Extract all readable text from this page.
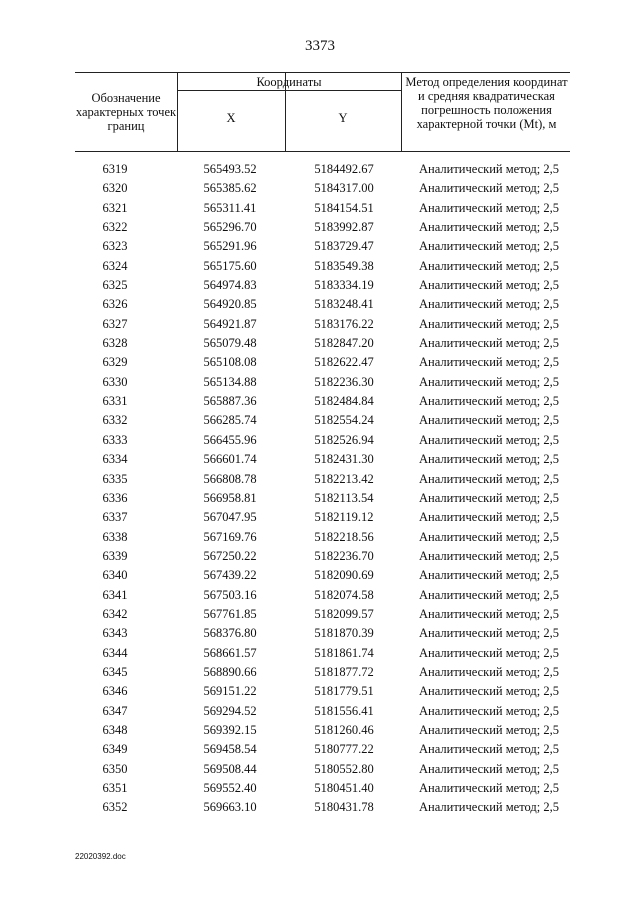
3373
Обозначение характерных точек границ
Координаты
X	Y
Метод определения координат и средняя квадратическая погрешность положения характерной точки (Mt), м
6319	565493.52	5184492.67	Аналитический метод; 2,5
6320	565385.62	5184317.00	Аналитический метод; 2,5
6321	565311.41	5184154.51	Аналитический метод; 2,5
6322	565296.70	5183992.87	Аналитический метод; 2,5
6323	565291.96	5183729.47	Аналитический метод; 2,5
6324	565175.60	5183549.38	Аналитический метод; 2,5
6325	564974.83	5183334.19	Аналитический метод; 2,5
6326	564920.85	5183248.41	Аналитический метод; 2,5
6327	564921.87	5183176.22	Аналитический метод; 2,5
6328	565079.48	5182847.20	Аналитический метод; 2,5
6329	565108.08	5182622.47	Аналитический метод; 2,5
6330	565134.88	5182236.30	Аналитический метод; 2,5
6331	565887.36	5182484.84	Аналитический метод; 2,5
6332	566285.74	5182554.24	Аналитический метод; 2,5
6333	566455.96	5182526.94	Аналитический метод; 2,5
6334	566601.74	5182431.30	Аналитический метод; 2,5
6335	566808.78	5182213.42	Аналитический метод; 2,5
6336	566958.81	5182113.54	Аналитический метод; 2,5
6337	567047.95	5182119.12	Аналитический метод; 2,5
6338	567169.76	5182218.56	Аналитический метод; 2,5
6339	567250.22	5182236.70	Аналитический метод; 2,5
6340	567439.22	5182090.69	Аналитический метод; 2,5
6341	567503.16	5182074.58	Аналитический метод; 2,5
6342	567761.85	5182099.57	Аналитический метод; 2,5
6343	568376.80	5181870.39	Аналитический метод; 2,5
6344	568661.57	5181861.74	Аналитический метод; 2,5
6345	568890.66	5181877.72	Аналитический метод; 2,5
6346	569151.22	5181779.51	Аналитический метод; 2,5
6347	569294.52	5181556.41	Аналитический метод; 2,5
6348	569392.15	5181260.46	Аналитический метод; 2,5
6349	569458.54	5180777.22	Аналитический метод; 2,5
6350	569508.44	5180552.80	Аналитический метод; 2,5
6351	569552.40	5180451.40	Аналитический метод; 2,5
6352	569663.10	5180431.78	Аналитический метод; 2,5
22020392.doc
